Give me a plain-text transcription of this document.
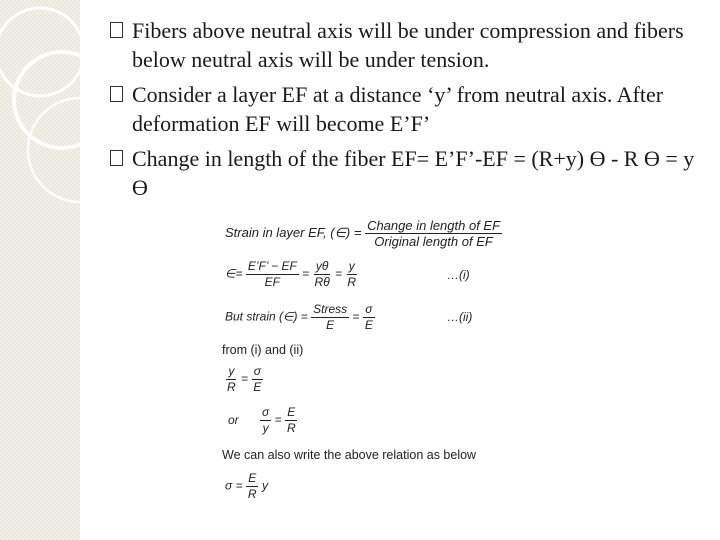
Fibers above neutral axis will be under compression and fibers below neutral axis will be under tension.
Consider a layer EF at a distance ‘y’ from neutral axis. After deformation EF will become E’F’
Change in length of the fiber EF= E’F’-EF = (R+y) Ө - R Ө = y Ө
Strain in layer EF, (∈) = $\frac{\text{Change in length of EF}}{\text{Original length of EF}}$
∈= $\frac{E’F’ - EF}{EF} = \frac{y\theta}{R\theta} = \frac{y}{R}$	…(i)
But strain (∈) = $\frac{\text{Stress}}{E} = \frac{\sigma}{E}$	…(ii)
from (i) and (ii)
$\frac{y}{R} = \frac{\sigma}{E}$
or $\frac{\sigma}{y} = \frac{E}{R}$
We can also write the above relation as below
$\sigma = \frac{E}{R}$ y
